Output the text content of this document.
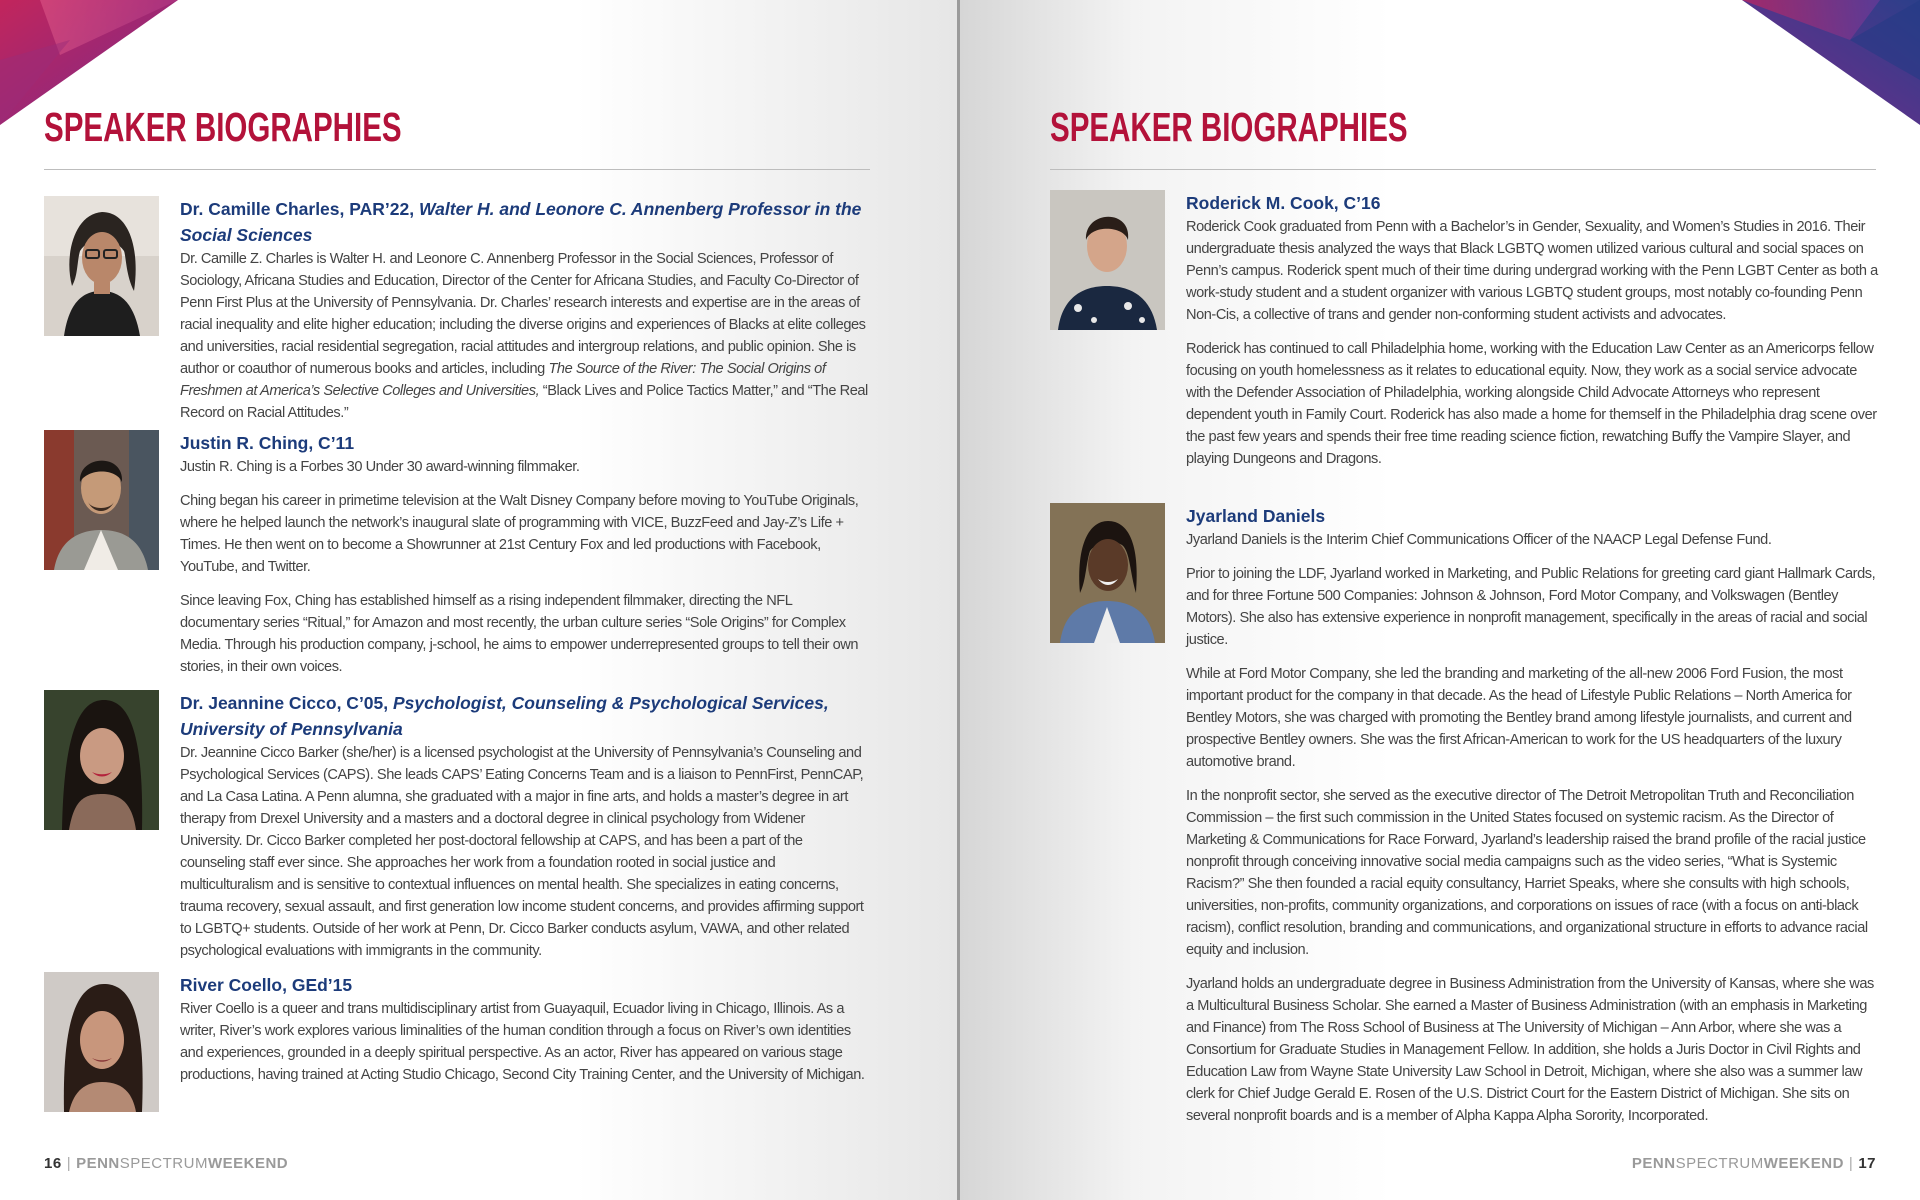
SPEAKER BIOGRAPHIES
Dr. Camille Charles, PAR’22, Walter H. and Leonore C. Annenberg Professor in the Social Sciences

Dr. Camille Z. Charles is Walter H. and Leonore C. Annenberg Professor in the Social Sciences, Professor of Sociology, Africana Studies and Education, Director of the Center for Africana Studies, and Faculty Co-Director of Penn First Plus at the University of Pennsylvania. Dr. Charles’ research interests and expertise are in the areas of racial inequality and elite higher education; including the diverse origins and experiences of Blacks at elite colleges and universities, racial residential segregation, racial attitudes and intergroup relations, and public opinion. She is author or coauthor of numerous books and articles, including The Source of the River: The Social Origins of Freshmen at America’s Selective Colleges and Universities, “Black Lives and Police Tactics Matter,” and “The Real Record on Racial Attitudes.”

Justin R. Ching, C’11

Justin R. Ching is a Forbes 30 Under 30 award-winning filmmaker.

Ching began his career in primetime television at the Walt Disney Company before moving to YouTube Originals, where he helped launch the network’s inaugural slate of programming with VICE, BuzzFeed and Jay-Z’s Life + Times. He then went on to become a Showrunner at 21st Century Fox and led productions with Facebook, YouTube, and Twitter.

Since leaving Fox, Ching has established himself as a rising independent filmmaker, directing the NFL documentary series “Ritual,” for Amazon and most recently, the urban culture series “Sole Origins” for Complex Media. Through his production company, j-school, he aims to empower underrepresented groups to tell their own stories, in their own voices.

Dr. Jeannine Cicco, C’05, Psychologist, Counseling & Psychological Services, University of Pennsylvania

Dr. Jeannine Cicco Barker (she/her) is a licensed psychologist at the University of Pennsylvania’s Counseling and Psychological Services (CAPS). She leads CAPS’ Eating Concerns Team and is a liaison to PennFirst, PennCAP, and La Casa Latina. A Penn alumna, she graduated with a major in fine arts, and holds a master’s degree in art therapy from Drexel University and a masters and a doctoral degree in clinical psychology from Widener University. Dr. Cicco Barker completed her post-doctoral fellowship at CAPS, and has been a part of the counseling staff ever since. She approaches her work from a foundation rooted in social justice and multiculturalism and is sensitive to contextual influences on mental health. She specializes in eating concerns, trauma recovery, sexual assault, and first generation low income student concerns, and provides affirming support to LGBTQ+ students. Outside of her work at Penn, Dr. Cicco Barker conducts asylum, VAWA, and other related psychological evaluations with immigrants in the community.

River Coello, GEd’15

River Coello is a queer and trans multidisciplinary artist from Guayaquil, Ecuador living in Chicago, Illinois. As a writer, River’s work explores various liminalities of the human condition through a focus on River’s own identities and experiences, grounded in a deeply spiritual perspective. As an actor, River has appeared on various stage productions, having trained at Acting Studio Chicago, Second City Training Center, and the University of Michigan.

16 | PENNSPECTRUMWEEKEND
SPEAKER BIOGRAPHIES
Roderick M. Cook, C’16

Roderick Cook graduated from Penn with a Bachelor’s in Gender, Sexuality, and Women’s Studies in 2016. Their undergraduate thesis analyzed the ways that Black LGBTQ women utilized various cultural and social spaces on Penn’s campus. Roderick spent much of their time during undergrad working with the Penn LGBT Center as both a work-study student and a student organizer with various LGBTQ student groups, most notably co-founding Penn Non-Cis, a collective of trans and gender non-conforming student activists and advocates.

Roderick has continued to call Philadelphia home, working with the Education Law Center as an Americorps fellow focusing on youth homelessness as it relates to educational equity. Now, they work as a social service advocate with the Defender Association of Philadelphia, working alongside Child Advocate Attorneys who represent dependent youth in Family Court. Roderick has also made a home for themself in the Philadelphia drag scene over the past few years and spends their free time reading science fiction, rewatching Buffy the Vampire Slayer, and playing Dungeons and Dragons.

Jyarland Daniels

Jyarland Daniels is the Interim Chief Communications Officer of the NAACP Legal Defense Fund.

Prior to joining the LDF, Jyarland worked in Marketing, and Public Relations for greeting card giant Hallmark Cards, and for three Fortune 500 Companies: Johnson & Johnson, Ford Motor Company, and Volkswagen (Bentley Motors). She also has extensive experience in nonprofit management, specifically in the areas of racial and social justice.

While at Ford Motor Company, she led the branding and marketing of the all-new 2006 Ford Fusion, the most important product for the company in that decade. As the head of Lifestyle Public Relations – North America for Bentley Motors, she was charged with promoting the Bentley brand among lifestyle journalists, and current and prospective Bentley owners. She was the first African-American to work for the US headquarters of the luxury automotive brand.

In the nonprofit sector, she served as the executive director of The Detroit Metropolitan Truth and Reconciliation Commission – the first such commission in the United States focused on systemic racism. As the Director of Marketing & Communications for Race Forward, Jyarland’s leadership raised the brand profile of the racial justice nonprofit through conceiving innovative social media campaigns such as the video series, “What is Systemic Racism?” She then founded a racial equity consultancy, Harriet Speaks, where she consults with high schools, universities, non-profits, community organizations, and corporations on issues of race (with a focus on anti-black racism), conflict resolution, branding and communications, and organizational structure in efforts to advance racial equity and inclusion.

Jyarland holds an undergraduate degree in Business Administration from the University of Kansas, where she was a Multicultural Business Scholar. She earned a Master of Business Administration (with an emphasis in Marketing and Finance) from The Ross School of Business at The University of Michigan – Ann Arbor, where she was a Consortium for Graduate Studies in Management Fellow. In addition, she holds a Juris Doctor in Civil Rights and Education Law from Wayne State University Law School in Detroit, Michigan, where she also was a summer law clerk for Chief Judge Gerald E. Rosen of the U.S. District Court for the Eastern District of Michigan. She sits on several nonprofit boards and is a member of Alpha Kappa Alpha Sorority, Incorporated.

PENNSPECTRUMWEEKEND | 17
